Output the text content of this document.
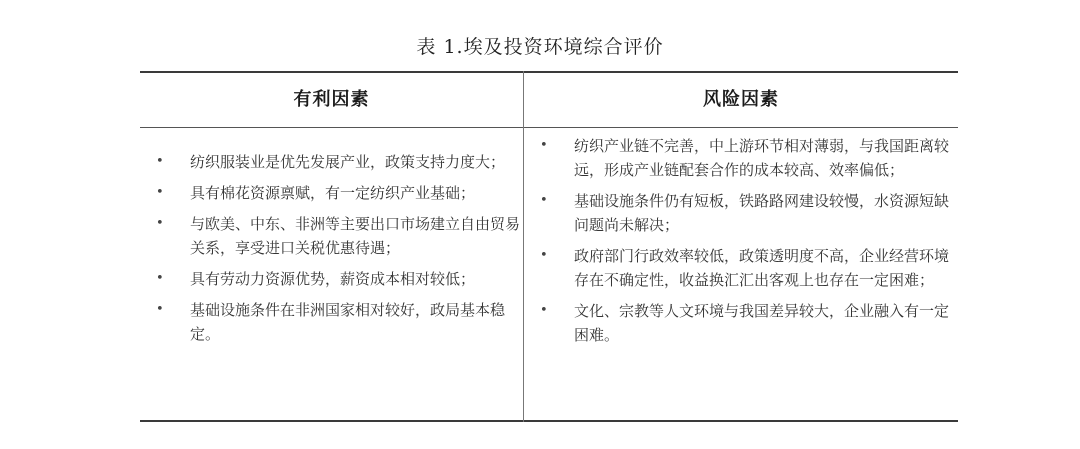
表 1.埃及投资环境综合评价
有利因素	风险因素
• 纺织服装业是优先发展产业，政策支持力度大；
• 具有棉花资源禀赋，有一定纺织产业基础；
• 与欧美、中东、非洲等主要出口市场建立自由贸易关系，享受进口关税优惠待遇；
• 具有劳动力资源优势，薪资成本相对较低；
• 基础设施条件在非洲国家相对较好，政局基本稳定。
• 纺织产业链不完善，中上游环节相对薄弱，与我国距离较远，形成产业链配套合作的成本较高、效率偏低；
• 基础设施条件仍有短板，铁路路网建设较慢，水资源短缺问题尚未解决；
• 政府部门行政效率较低，政策透明度不高，企业经营环境存在不确定性，收益换汇汇出客观上也存在一定困难；
• 文化、宗教等人文环境与我国差异较大，企业融入有一定困难。
